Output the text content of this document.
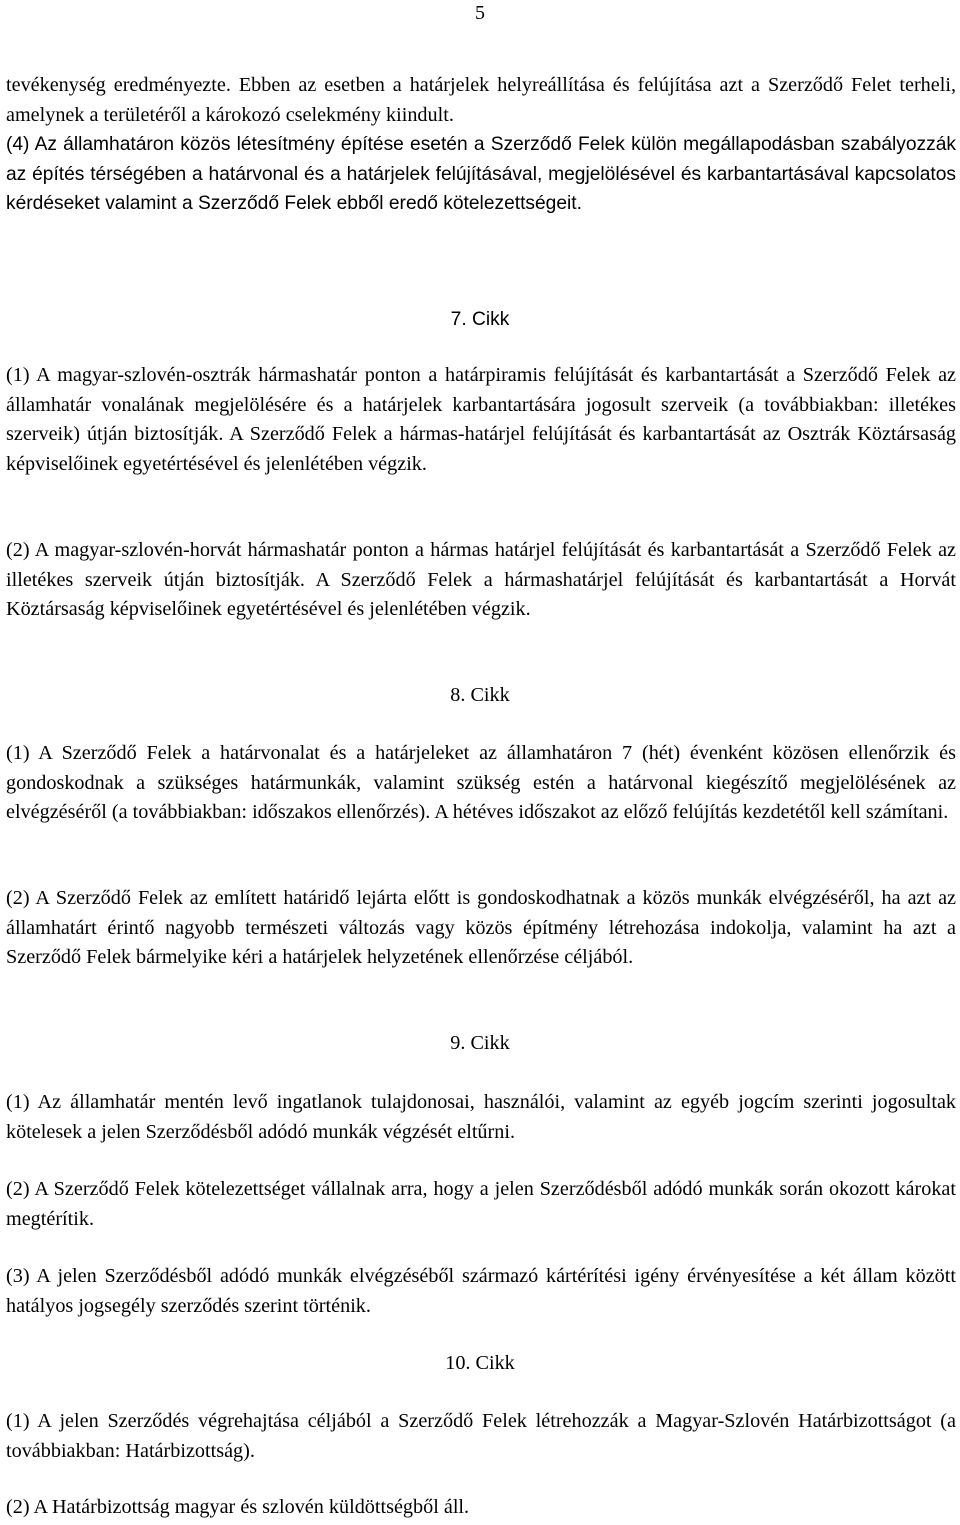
5

tevékenység eredményezte. Ebben az esetben a határjelek helyreállítása és felújítása azt a Szerződő Felet terheli, amelynek a területéről a károkozó cselekmény kiindult.

(4) Az államhatáron közös létesítmény építése esetén a Szerződő Felek külön megállapodásban szabályozzák az építés térségében a határvonal és a határjelek felújításával, megjelölésével és karbantartásával kapcsolatos kérdéseket valamint a Szerződő Felek ebből eredő kötelezettségeit.

7. Cikk

(1) A magyar-szlovén-osztrák hármashatár ponton a határpiramis felújítását és karbantartását a Szerződő Felek az államhatár vonalának megjelölésére és a határjelek karbantartására jogosult szerveik (a továbbiakban: illetékes szerveik) útján biztosítják. A Szerződő Felek a hármas-határjel felújítását és karbantartását az Osztrák Köztársaság képviselőinek egyetértésével és jelenlétében végzik.

(2) A magyar-szlovén-horvát hármashatár ponton a hármas határjel felújítását és karbantartását a Szerződő Felek az illetékes szerveik útján biztosítják. A Szerződő Felek a hármashatárjel felújítását és karbantartását a Horvát Köztársaság képviselőinek egyetértésével és jelenlétében végzik.

8. Cikk

(1) A Szerződő Felek a határvonalat és a határjeleket az államhatáron 7 (hét) évenként közösen ellenőrzik és gondoskodnak a szükséges határmunkák, valamint szükség estén a határvonal kiegészítő megjelölésének az elvégzéséről (a továbbiakban: időszakos ellenőrzés). A hétéves időszakot az előző felújítás kezdetétől kell számítani.

(2) A Szerződő Felek az említett határidő lejárta előtt is gondoskodhatnak a közös munkák elvégzéséről, ha azt az államhatárt érintő nagyobb természeti változás vagy közös építmény létrehozása indokolja, valamint ha azt a Szerződő Felek bármelyike kéri a határjelek helyzetének ellenőrzése céljából.

9. Cikk

(1) Az államhatár mentén levő ingatlanok tulajdonosai, használói, valamint az egyéb jogcím szerinti jogosultak kötelesek a jelen Szerződésből adódó munkák végzését eltűrni.

(2) A Szerződő Felek kötelezettséget vállalnak arra, hogy a jelen Szerződésből adódó munkák során okozott károkat megtérítik.

(3) A jelen Szerződésből adódó munkák elvégzéséből származó kártérítési igény érvényesítése a két állam között hatályos jogsegély szerződés szerint történik.

10. Cikk

(1) A jelen Szerződés végrehajtása céljából a Szerződő Felek létrehozzák a Magyar-Szlovén Határbizottságot (a továbbiakban: Határbizottság).

(2) A Határbizottság magyar és szlovén küldöttségből áll.
